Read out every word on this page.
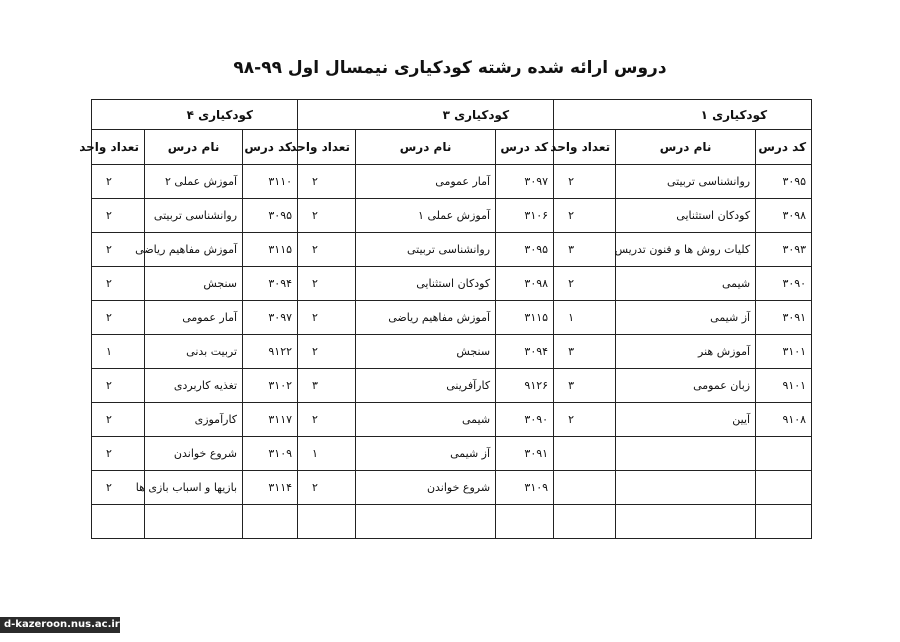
دروس ارائه شده رشته کودکیاری نیمسال اول ۹۹-۹۸
کودکیاری ۱			کودکیاری ۳			کودکیاری ۴		
کد درس	نام درس	تعداد واحد	کد درس	نام درس	تعداد واحد	کد درس	نام درس	تعداد واحد
۳۰۹۵	روانشناسی تربیتی	۲	۳۰۹۷	آمار عمومی	۲	۳۱۱۰	آموزش عملی ۲	۲
۳۰۹۸	کودکان استثنایی	۲	۳۱۰۶	آموزش عملی ۱	۲	۳۰۹۵	روانشناسی تربیتی	۲
۳۰۹۳	کلیات روش ها و فنون تدریس	۳	۳۰۹۵	روانشناسی تربیتی	۲	۳۱۱۵	آموزش مفاهیم ریاضی	۲
۳۰۹۰	شیمی	۲	۳۰۹۸	کودکان استثنایی	۲	۳۰۹۴	سنجش	۲
۳۰۹۱	آز شیمی	۱	۳۱۱۵	آموزش مفاهیم ریاضی	۲	۳۰۹۷	آمار عمومی	۲
۳۱۰۱	آموزش هنر	۳	۳۰۹۴	سنجش	۲	۹۱۲۲	تربیت بدنی	۱
۹۱۰۱	زبان عمومی	۳	۹۱۲۶	کارآفرینی	۳	۳۱۰۲	تغذیه کاربردی	۲
۹۱۰۸	آیین	۲	۳۰۹۰	شیمی	۲	۳۱۱۷	کارآموزی	۲
			۳۰۹۱	آز شیمی	۱	۳۱۰۹	شروع خواندن	۲
			۳۱۰۹	شروع خواندن	۲	۳۱۱۴	بازیها و اسباب بازی ها	۲

d-kazeroon.nus.ac.ir
